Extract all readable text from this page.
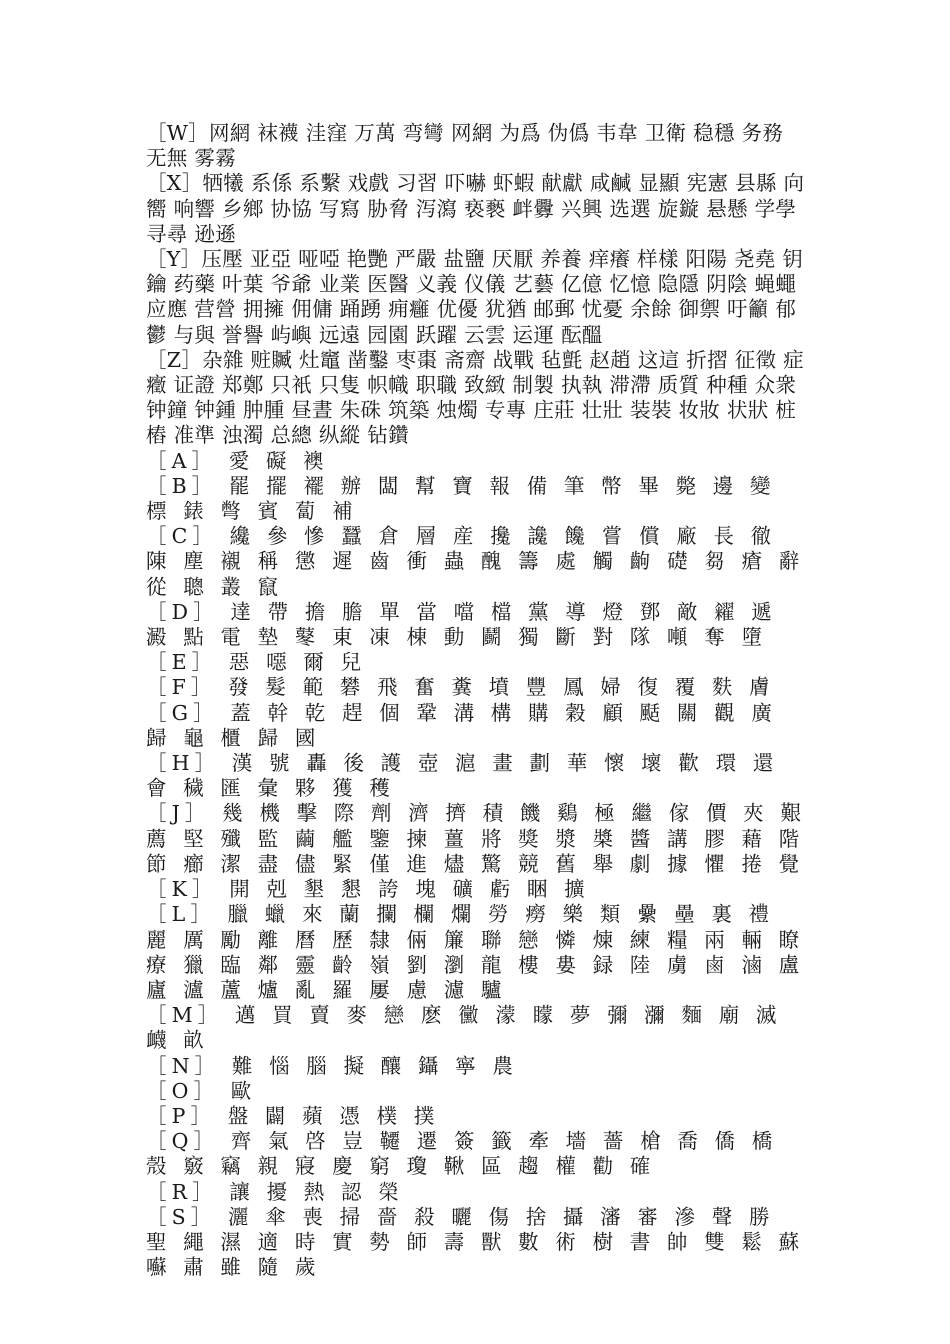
［W］网網 袜襪 洼窪 万萬 弯彎 网網 为爲 伪僞 韦韋 卫衛 稳穩 务務 无無 雾霧

［X］牺犧 系係 系繫 戏戲 习習 吓嚇 虾蝦 献獻 咸鹹 显顯 宪憲 县縣 向嚮 响響 乡鄉 协協 写寫 胁脅 泻瀉 亵褻 衅釁 兴興 选選 旋鏇 悬懸 学學 寻尋 逊遜

［Y］压壓 亚亞 哑啞 艳艷 严嚴 盐鹽 厌厭 养養 痒癢 样樣 阳陽 尧堯 钥鑰 药藥 叶葉 爷爺 业業 医醫 义義 仪儀 艺藝 亿億 忆憶 隐隱 阴陰 蝇蠅 应應 营營 拥擁 佣傭 踊踴 痈癰 优優 犹猶 邮郵 忧憂 余餘 御禦 吁籲 郁鬱 与與 誉譽 屿嶼 远遠 园園 跃躍 云雲 运運 酝醞

［Z］杂雜 赃贓 灶竈 凿鑿 枣棗 斋齋 战戰 毡氈 赵趙 这這 折摺 征徵 症癥 证證 郑鄭 只衹 只隻 帜幟 职職 致緻 制製 执執 滞滯 质質 种種 众衆 钟鐘 钟鍾 肿腫 昼晝 朱硃 筑築 烛燭 专專 庄莊 壮壯 装裝 妆妝 状狀 桩樁 准準 浊濁 总總 纵縱 钻鑽

［A］ 愛 礙 襖

［B］ 罷 擺 襬 辦 闆 幫 寶 報 備 筆 幣 畢 斃 邊 變 標 錶 彆 賓 蔔 補

［C］ 纔 參 慘 蠶 倉 層 産 攙 讒 饞 嘗 償 廠 長 徹 陳 塵 襯 稱 懲 遲 齒 衝 蟲 醜 籌 處 觸 齣 礎 芻 瘡 辭 從 聰 叢 竄

［D］ 達 帶 擔 膽 單 當 噹 檔 黨 導 燈 鄧 敵 糴 遞 澱 點 電 墊 鼕 東 凍 棟 動 鬬 獨 斷 對 隊 噸 奪 墮

［E］ 惡 噁 爾 兒

［F］ 發 髮 範 礬 飛 奮 糞 墳 豐 鳳 婦 復 覆 麩 膚

［G］ 蓋 幹 乾 趕 個 鞏 溝 構 購 穀 顧 颳 關 觀 廣 歸 龜 櫃 歸 國

［H］ 漢 號 轟 後 護 壺 滬 畫 劃 華 懷 壞 歡 環 還 會 穢 匯 彙 夥 獲 穫

［J］ 幾 機 擊 際 劑 濟 擠 積 饑 鷄 極 繼 傢 價 夾 艱 薦 堅 殲 監 繭 艦 鑒 揀 薑 將 獎 漿 槳 醬 講 膠 藉 階 節 癤 潔 盡 儘 緊 僅 進 燼 驚 競 舊 舉 劇 據 懼 捲 覺

［K］ 開 剋 墾 懇 誇 塊 礦 虧 睏 擴

［L］ 臘 蠟 來 蘭 攔 欄 爛 勞 癆 樂 類 纍 壘 裏 禮 麗 厲 勵 離 曆 歷 隸 倆 簾 聯 戀 憐 煉 練 糧 兩 輛 瞭 療 獵 臨 鄰 靈 齡 嶺 劉 瀏 龍 樓 婁 録 陸 虜 鹵 滷 盧 廬 瀘 蘆 爐 亂 羅 屢 慮 濾 驢

［M］ 邁 買 賣 麥 戀 麽 黴 濛 矇 夢 彌 瀰 麵 廟 滅 衊 畝

［N］ 難 惱 腦 擬 釀 鑷 寧 農

［O］ 歐

［P］ 盤 闢 蘋 憑 樸 撲

［Q］ 齊 氣 啓 豈 韆 遷 簽 籤 牽 墻 薔 槍 喬 僑 橋 殼 竅 竊 親 寢 慶 窮 瓊 鞦 區 趨 權 勸 確

［R］ 讓 擾 熱 認 榮

［S］ 灑 傘 喪 掃 嗇 殺 曬 傷 捨 攝 瀋 審 滲 聲 勝 聖 繩 濕 適 時 實 勢 師 壽 獸 數 術 樹 書 帥 雙 鬆 蘇 囌 肅 雖 隨 歲
